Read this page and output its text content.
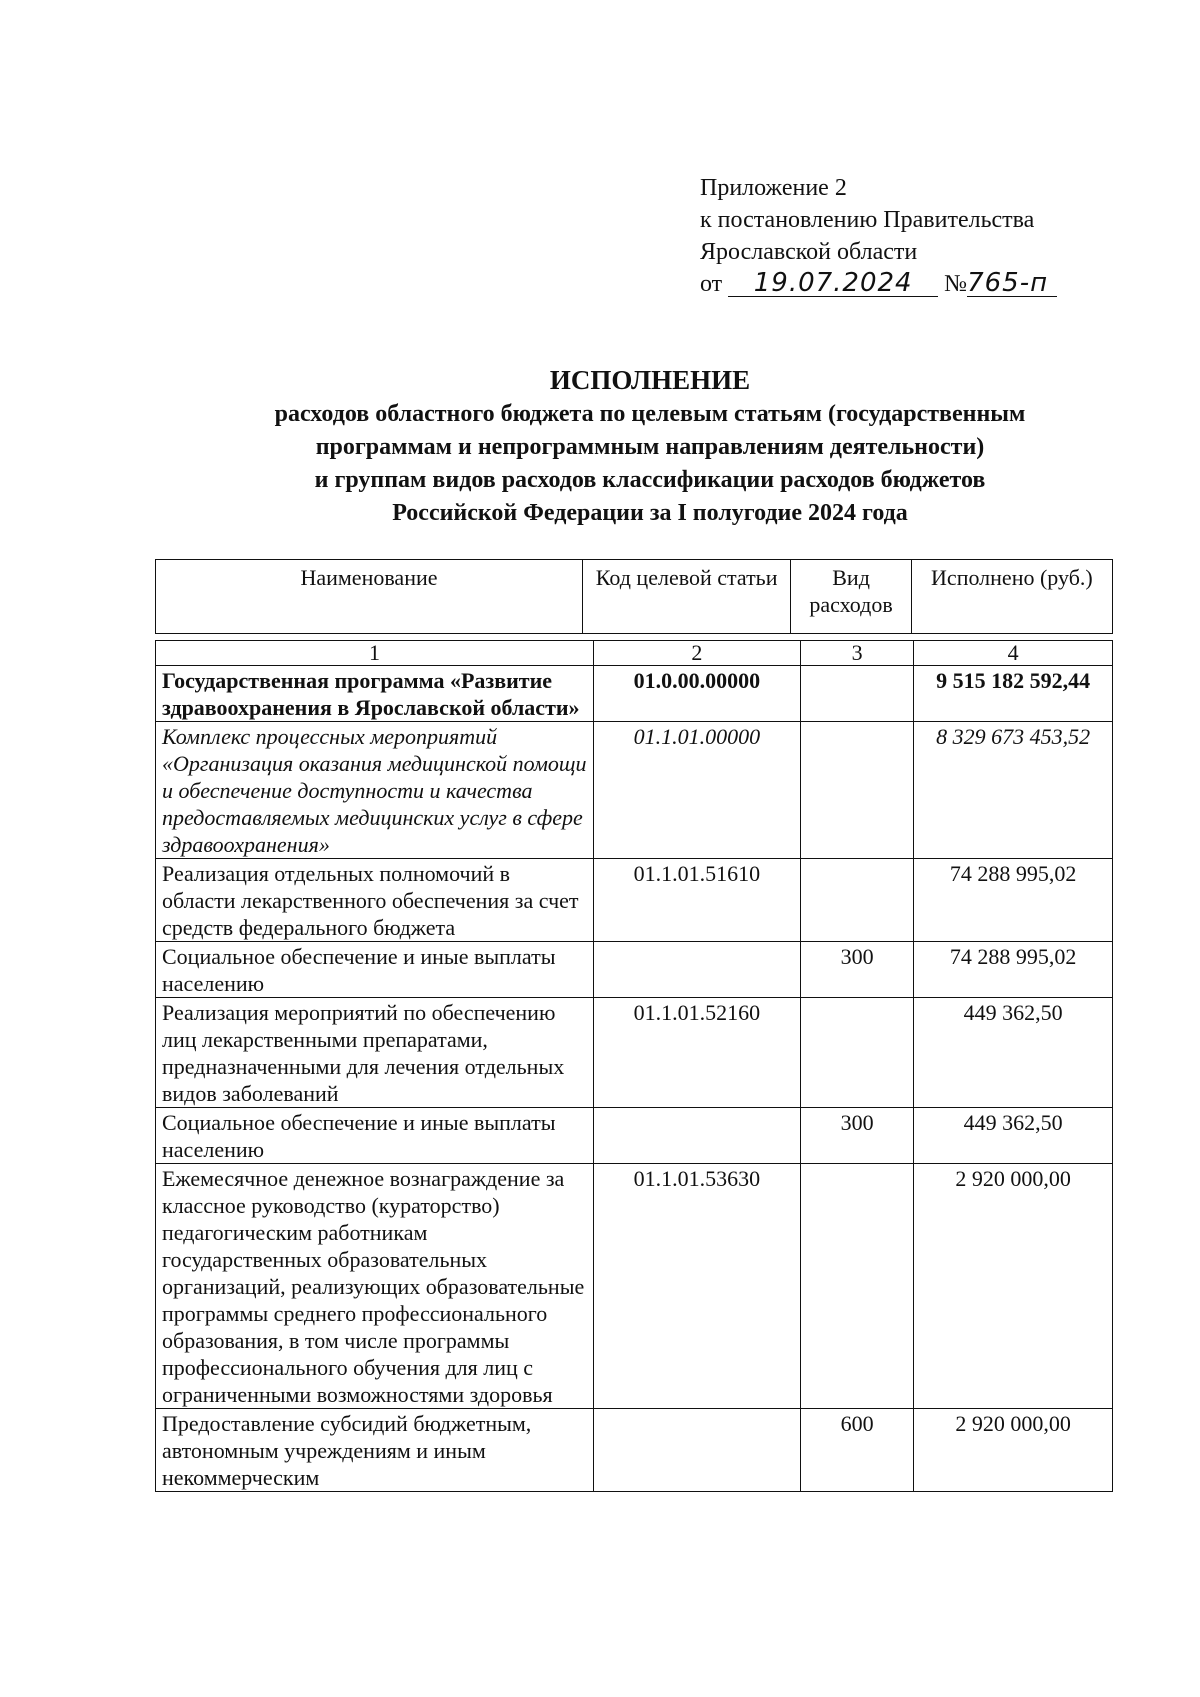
Приложение 2
к постановлению Правительства
Ярославской области
от 19.07.2024 №765-п
ИСПОЛНЕНИЕ
расходов областного бюджета по целевым статьям (государственным
программам и непрограммным направлениям деятельности)
и группам видов расходов классификации расходов бюджетов
Российской Федерации за I полугодие 2024 года
Наименование	Код целевой статьи	Вид расходов	Исполнено (руб.)
1	2	3	4
Государственная программа «Развитие здравоохранения в Ярославской области»	01.0.00.00000		9 515 182 592,44
Комплекс процессных мероприятий «Организация оказания медицинской помощи и обеспечение доступности и качества предоставляемых медицинских услуг в сфере здравоохранения»	01.1.01.00000		8 329 673 453,52
Реализация отдельных полномочий в области лекарственного обеспечения за счет средств федерального бюджета	01.1.01.51610		74 288 995,02
Социальное обеспечение и иные выплаты населению		300	74 288 995,02
Реализация мероприятий по обеспечению лиц лекарственными препаратами, предназначенными для лечения отдельных видов заболеваний	01.1.01.52160		449 362,50
Социальное обеспечение и иные выплаты населению		300	449 362,50
Ежемесячное денежное вознаграждение за классное руководство (кураторство) педагогическим работникам государственных образовательных организаций, реализующих образовательные программы среднего профессионального образования, в том числе программы профессионального обучения для лиц с ограниченными возможностями здоровья	01.1.01.53630		2 920 000,00
Предоставление субсидий бюджетным, автономным учреждениям и иным некоммерческим		600	2 920 000,00
